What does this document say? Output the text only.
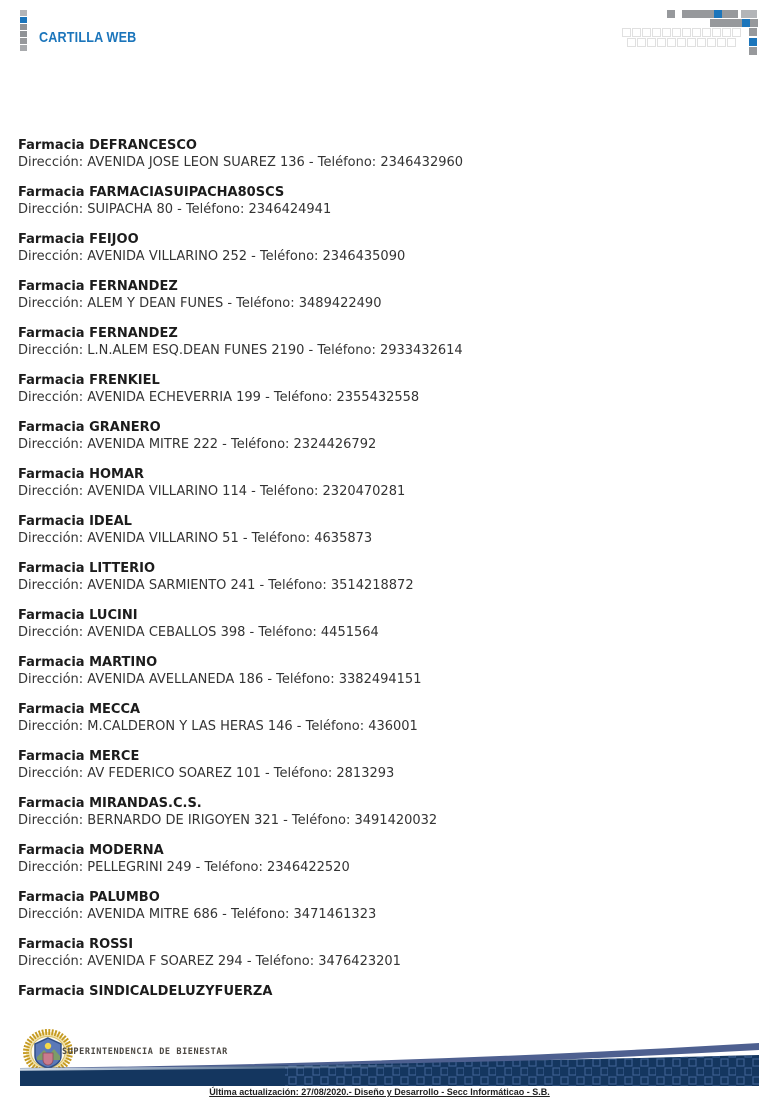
CARTILLA WEB
Farmacia DEFRANCESCO
Dirección: AVENIDA JOSE LEON SUAREZ 136 - Teléfono: 2346432960
Farmacia FARMACIASUIPACHA80SCS
Dirección: SUIPACHA 80 - Teléfono: 2346424941
Farmacia FEIJOO
Dirección: AVENIDA VILLARINO 252 - Teléfono: 2346435090
Farmacia FERNANDEZ
Dirección: ALEM Y DEAN FUNES - Teléfono: 3489422490
Farmacia FERNANDEZ
Dirección: L.N.ALEM ESQ.DEAN FUNES 2190 - Teléfono: 2933432614
Farmacia FRENKIEL
Dirección: AVENIDA ECHEVERRIA 199 - Teléfono: 2355432558
Farmacia GRANERO
Dirección: AVENIDA MITRE 222 - Teléfono: 2324426792
Farmacia HOMAR
Dirección: AVENIDA VILLARINO 114 - Teléfono: 2320470281
Farmacia IDEAL
Dirección: AVENIDA VILLARINO 51 - Teléfono: 4635873
Farmacia LITTERIO
Dirección: AVENIDA SARMIENTO 241 - Teléfono: 3514218872
Farmacia LUCINI
Dirección: AVENIDA CEBALLOS 398 - Teléfono: 4451564
Farmacia MARTINO
Dirección: AVENIDA AVELLANEDA 186 - Teléfono: 3382494151
Farmacia MECCA
Dirección: M.CALDERON Y LAS HERAS 146 - Teléfono: 436001
Farmacia MERCE
Dirección: AV FEDERICO SOAREZ 101 - Teléfono: 2813293
Farmacia MIRANDAS.C.S.
Dirección: BERNARDO DE IRIGOYEN 321 - Teléfono: 3491420032
Farmacia MODERNA
Dirección: PELLEGRINI 249 - Teléfono: 2346422520
Farmacia PALUMBO
Dirección: AVENIDA MITRE 686 - Teléfono: 3471461323
Farmacia ROSSI
Dirección: AVENIDA F SOAREZ 294 - Teléfono: 3476423201
Farmacia SINDICALDELUZYFUERZA
SUPERINTENDENCIA DE BIENESTAR
Última actualización: 27/08/2020.- Diseño y Desarrollo - Secc Informáticao - S.B.
